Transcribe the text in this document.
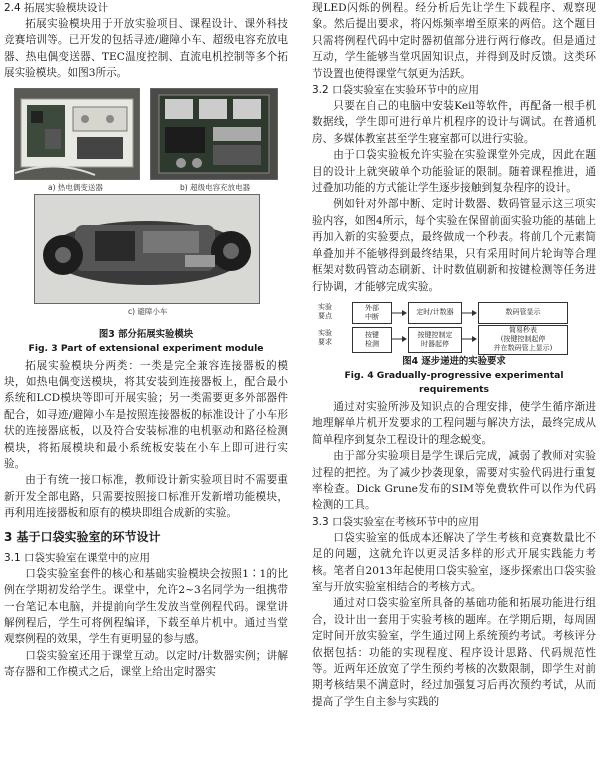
2.4 拓展实验模块设计

拓展实验模块用于开放实验项目、课程设计、课外科技竞赛培训等。已开发的包括寻迹/避障小车、超级电容充放电器、热电偶变送器、TEC温度控制、直流电机控制等多个拓展实验模块。如图3所示。

a) 热电偶变送器	b) 超级电容充放电器
c) 避障小车

图3 部分拓展实验模块

Fig. 3 Part of extensional experiment module

拓展实验模块分两类：一类是完全兼容连接器板的模块，如热电偶变送模块，将其安装到连接器板上，配合最小系统和LCD模块等即可开展实验；另一类需要更多外部器件配合，如寻迹/避障小车是按照连接器板的标准设计了小车形状的连接器底板，以及符合安装标准的电机驱动和路径检测模块，将拓展模块和最小系统板安装在小车上即可进行实验。

由于有统一接口标准，教师设计新实验项目时不需要重新开发全部电路，只需要按照接口标准开发新增功能模块，再利用连接器板和原有的模块即组合成新的实验。

3 基于口袋实验室的环节设计

3.1 口袋实验室在课堂中的应用

口袋实验室套件的核心和基础实验模块会按照1∶1的比例在学期初发给学生。课堂中，允许2~3名同学为一组携带一台笔记本电脑，并提前向学生发放当堂例程代码。课堂讲解例程后，学生可将例程编译，下载至单片机中。通过当堂观察例程的效果，学生有更明显的参与感。

口袋实验室还用于课堂互动。以定时/计数器实例；讲解寄存器和工作模式之后，课堂上给出定时器实

现LED闪烁的例程。经分析后先让学生下载程序、观察现象。然后提出要求，将闪烁频率增至原来的两倍。这个题目只需将例程代码中定时器初值部分进行两行修改。但是通过互动，学生能够当堂巩固知识点，并得到及时反馈。这类环节设置也使得课堂气氛更为活跃。

3.2 口袋实验室在实验环节中的应用

只要在自己的电脑中安装Keil等软件，再配备一根手机数据线，学生即可进行单片机程序的设计与调试。在普通机房、多媒体教室甚至学生寝室都可以进行实验。

由于口袋实验板允许实验在实验课堂外完成，因此在题目的设计上就突破单个功能验证的限制。随着课程推进，通过叠加功能的方式能让学生逐步接触到复杂程序的设计。

例如针对外部中断、定时计数器、数码管显示这三项实验内容，如图4所示，每个实验在保留前面实验功能的基础上再加入新的实验要点，最终做成一个秒表。将前几个元素简单叠加并不能够得到最终结果，只有采用时间片轮询等合理框架对数码管动态刷新、计时数值刷新和按键检测等任务进行协调，才能够完成实验。

实验
要点
实验
要求
外部
中断
按键
检测
定时/计数器
按键控制定
时器起停
数码管显示
简易秒表
(按键控制起停
并在数码管上显示)

图4 逐步递进的实验要求

Fig. 4 Gradually-progressive experimental requirements

通过对实验所涉及知识点的合理安排，使学生循序渐进地理解单片机开发要求的工程问题与解决方法，最终完成从简单程序到复杂工程设计的理念蜕变。

由于部分实验项目是学生课后完成，减弱了教师对实验过程的把控。为了减少抄袭现象，需要对实验代码进行重复率检查。Dick Grune发布的SIM等免费软件可以作为代码检测的工具。

3.3 口袋实验室在考核环节中的应用

口袋实验室的低成本还解决了学生考核和竞赛数量比不足的问题，这就允许以更灵活多样的形式开展实践能力考核。笔者自2013年起使用口袋实验室，逐步探索出口袋实验室与开放实验室相结合的考核方式。

通过对口袋实验室所具备的基础功能和拓展功能进行组合，设计出一套用于实验考核的题库。在学期后期，每周固定时间开放实验室，学生通过网上系统预约考试。考核评分依据包括：功能的实现程度、程序设计思路、代码规范性等。近两年还放宽了学生预约考核的次数限制，即学生对前期考核结果不满意时，经过加强复习后再次预约考试，从而提高了学生自主参与实践的
